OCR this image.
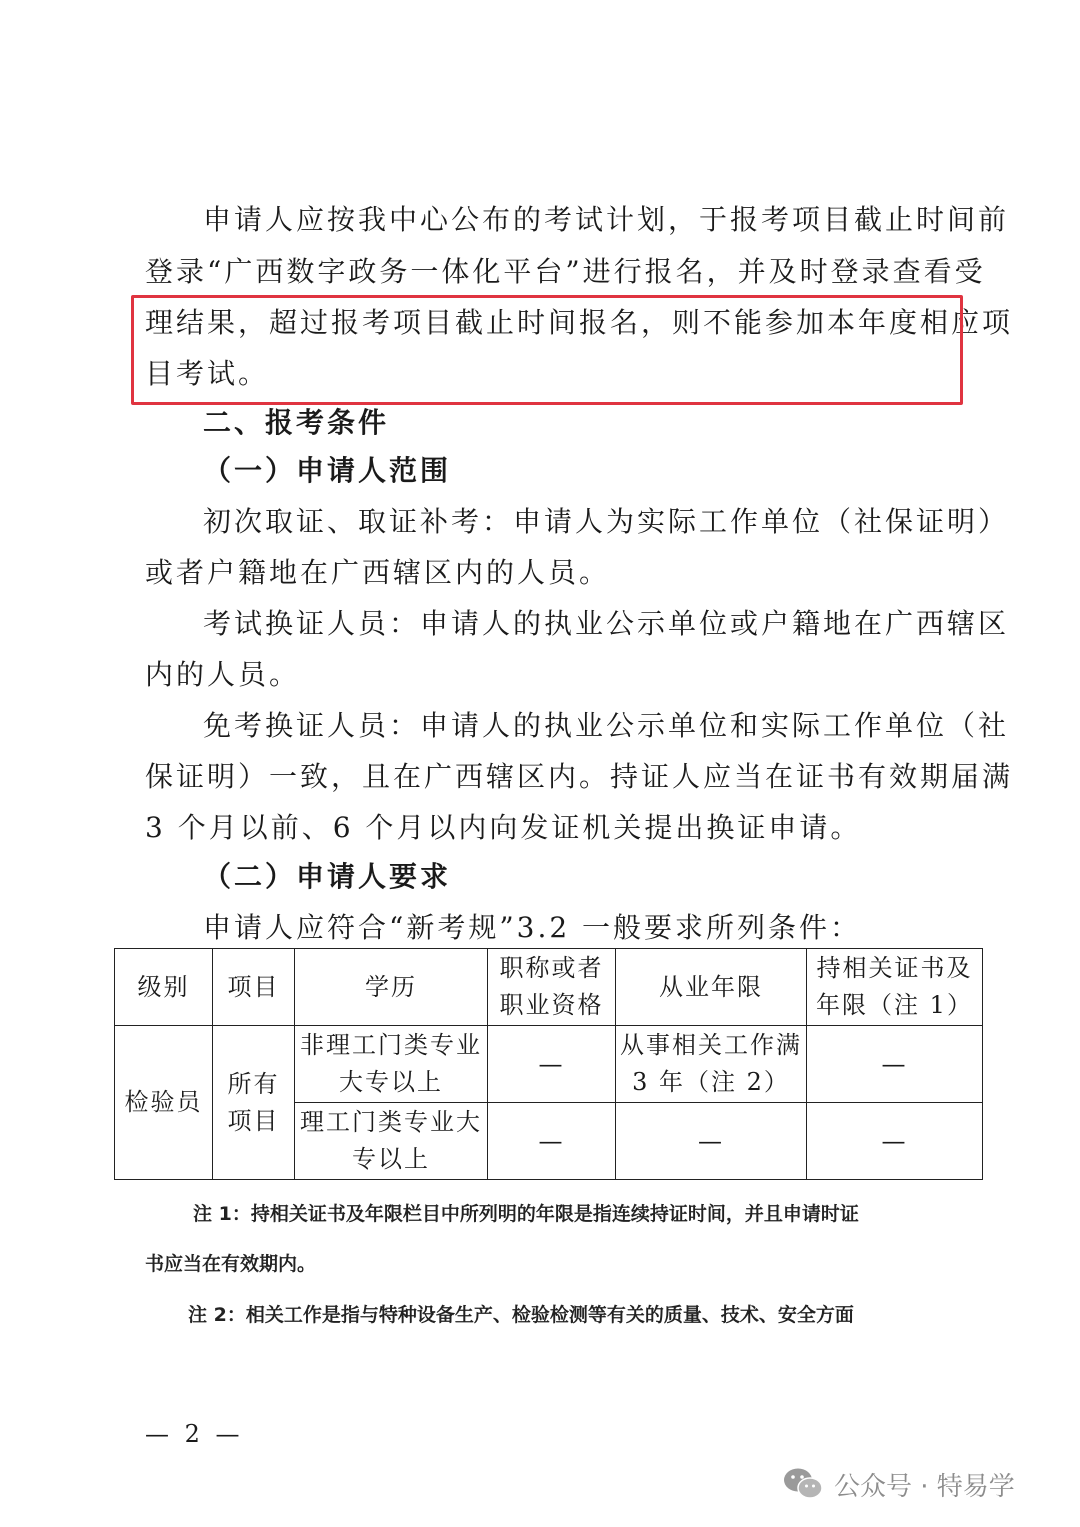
申请人应按我中心公布的考试计划，于报考项目截止时间前
登录“广西数字政务一体化平台”进行报名，并及时登录查看受
理结果，超过报考项目截止时间报名，则不能参加本年度相应项
目考试。
二、报考条件
（一）申请人范围
初次取证、取证补考：申请人为实际工作单位（社保证明）
或者户籍地在广西辖区内的人员。
考试换证人员：申请人的执业公示单位或户籍地在广西辖区
内的人员。
免考换证人员：申请人的执业公示单位和实际工作单位（社
保证明）一致，且在广西辖区内。持证人应当在证书有效期届满
3 个月以前、6 个月以内向发证机关提出换证申请。
（二）申请人要求
申请人应符合“新考规”3.2 一般要求所列条件：
级别	项目	学历	职称或者职业资格	从业年限	持相关证书及年限（注 1）
检验员	所有项目	非理工门类专业大专以上	—	从事相关工作满 3 年（注 2）	—
		理工门类专业大专以上	—	—	—
注 1：持相关证书及年限栏目中所列明的年限是指连续持证时间，并且申请时证
书应当在有效期内。
注 2：相关工作是指与特种设备生产、检验检测等有关的质量、技术、安全方面
— 2 —
公众号 · 特易学
